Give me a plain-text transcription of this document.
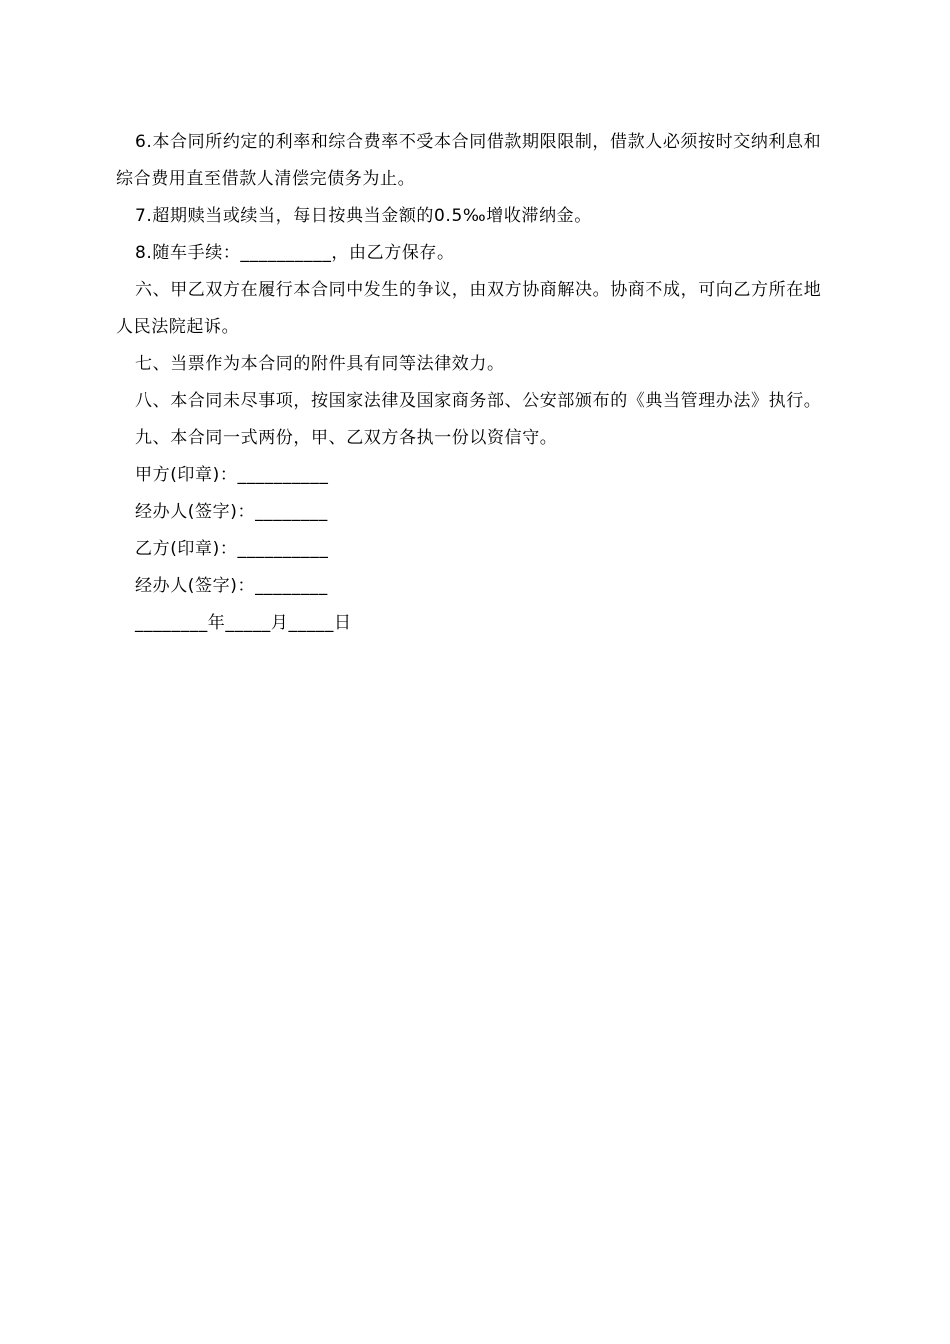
6.本合同所约定的利率和综合费率不受本合同借款期限限制，借款人必须按时交纳利息和综合费用直至借款人清偿完债务为止。

7.超期赎当或续当，每日按典当金额的0.5‰增收滞纳金。

8.随车手续：__________，由乙方保存。

六、甲乙双方在履行本合同中发生的争议，由双方协商解决。协商不成，可向乙方所在地人民法院起诉。

七、当票作为本合同的附件具有同等法律效力。

八、本合同未尽事项，按国家法律及国家商务部、公安部颁布的《典当管理办法》执行。

九、本合同一式两份，甲、乙双方各执一份以资信守。

甲方(印章)：__________

经办人(签字)：________

乙方(印章)：__________

经办人(签字)：________

________年_____月_____日
